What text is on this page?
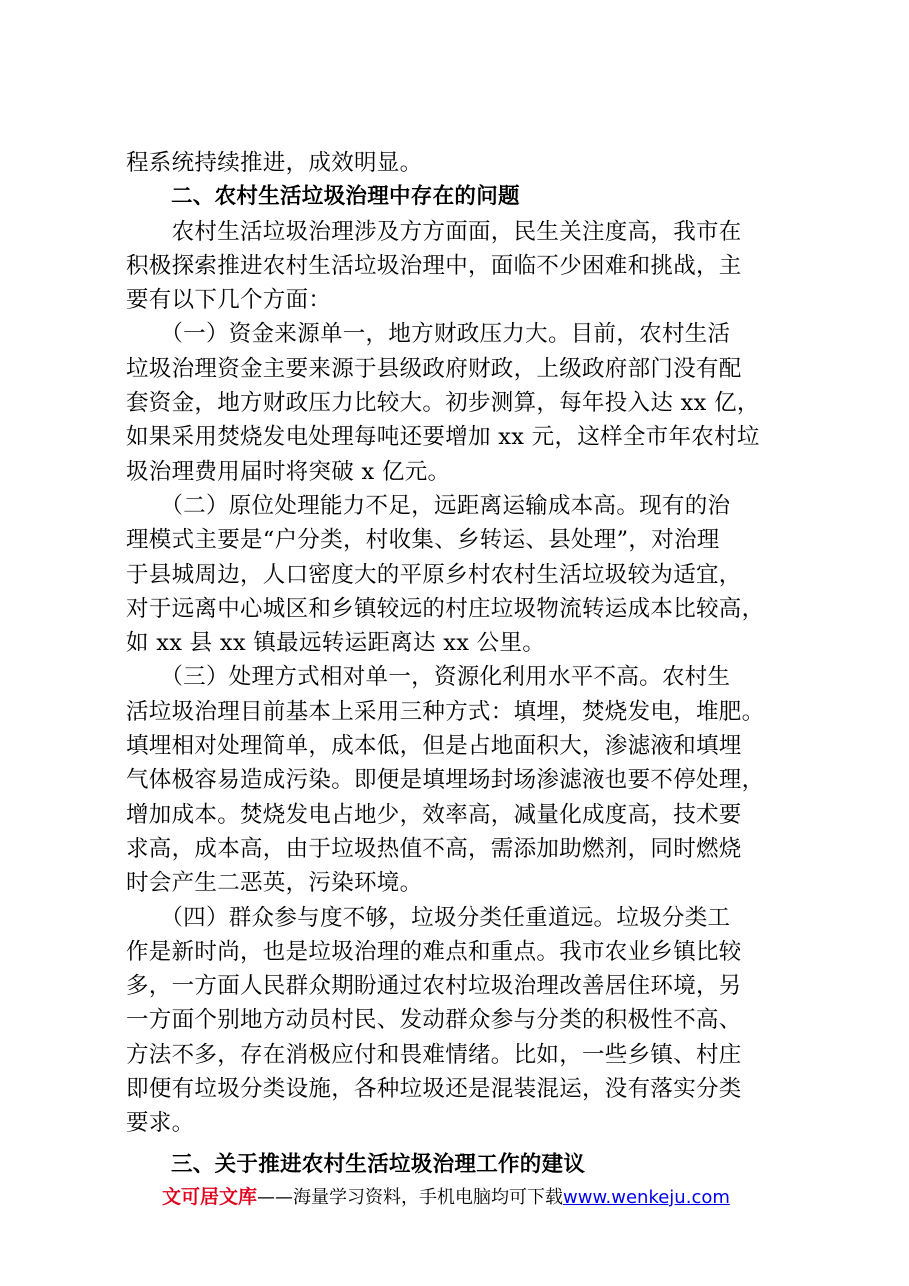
程系统持续推进，成效明显。
二、农村生活垃圾治理中存在的问题
　　农村生活垃圾治理涉及方方面面，民生关注度高，我市在
积极探索推进农村生活垃圾治理中，面临不少困难和挑战，主
要有以下几个方面：
　　（一）资金来源单一，地方财政压力大。目前，农村生活
垃圾治理资金主要来源于县级政府财政，上级政府部门没有配
套资金，地方财政压力比较大。初步测算，每年投入达 xx 亿，
如果采用焚烧发电处理每吨还要增加 xx 元，这样全市年农村垃
圾治理费用届时将突破 x 亿元。
　　（二）原位处理能力不足，远距离运输成本高。现有的治
理模式主要是“户分类，村收集、乡转运、县处理”，对治理
于县城周边，人口密度大的平原乡村农村生活垃圾较为适宜，
对于远离中心城区和乡镇较远的村庄垃圾物流转运成本比较高，
如 xx 县 xx 镇最远转运距离达 xx 公里。
　　（三）处理方式相对单一，资源化利用水平不高。农村生
活垃圾治理目前基本上采用三种方式：填埋，焚烧发电，堆肥。
填埋相对处理简单，成本低，但是占地面积大，渗滤液和填埋
气体极容易造成污染。即便是填埋场封场渗滤液也要不停处理，
增加成本。焚烧发电占地少，效率高，减量化成度高，技术要
求高，成本高，由于垃圾热值不高，需添加助燃剂，同时燃烧
时会产生二恶英，污染环境。
　　（四）群众参与度不够，垃圾分类任重道远。垃圾分类工
作是新时尚，也是垃圾治理的难点和重点。我市农业乡镇比较
多，一方面人民群众期盼通过农村垃圾治理改善居住环境，另
一方面个别地方动员村民、发动群众参与分类的积极性不高、
方法不多，存在消极应付和畏难情绪。比如，一些乡镇、村庄
即便有垃圾分类设施，各种垃圾还是混装混运，没有落实分类
要求。
三、关于推进农村生活垃圾治理工作的建议
文可居文库——海量学习资料，手机电脑均可下载www.wenkeju.com
